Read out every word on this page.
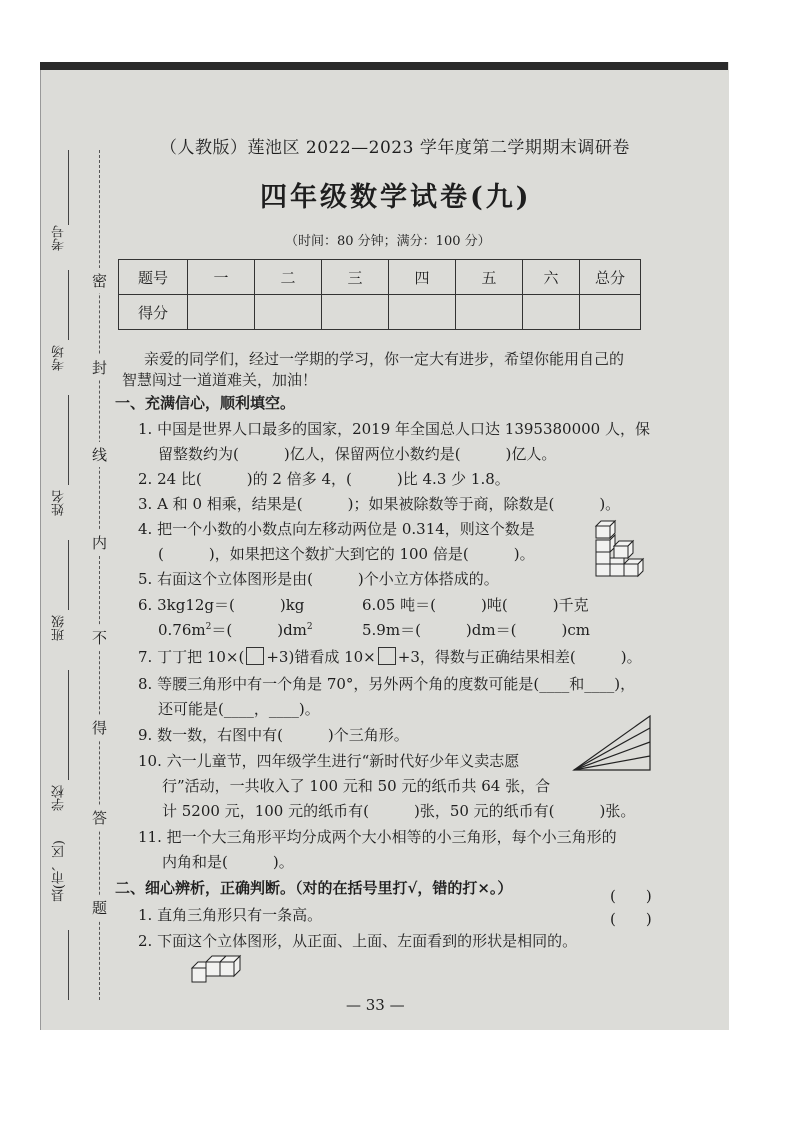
考号
考场
姓名
班级
学校
县(市、区)
密
封
线
内
不
得
答
题
（人教版）莲池区 2022—2023 学年度第二学期期末调研卷
四年级数学试卷(九)
（时间：80 分钟；满分：100 分）
题号	一	二	三	四	五	六	总分
得分							
亲爱的同学们，经过一学期的学习，你一定大有进步，希望你能用自己的
智慧闯过一道道难关，加油！
一、充满信心，顺利填空。
1. 中国是世界人口最多的国家，2019 年全国总人口达 1395380000 人，保
留整数约为(　　　)亿人，保留两位小数约是(　　　)亿人。
2. 24 比(　　　)的 2 倍多 4，(　　　)比 4.3 少 1.8。
3. A 和 0 相乘，结果是(　　　)；如果被除数等于商，除数是(　　　)。
4. 把一个小数的小数点向左移动两位是 0.314，则这个数是
(　　　)，如果把这个数扩大到它的 100 倍是(　　　)。
5. 右面这个立体图形是由(　　　)个小立方体搭成的。
6. 3kg12g＝(　　　)kg	6.05 吨＝(　　　)吨(　　　)千克
$0.76m^2=$(　　　)$dm^2$	5.9m＝(　　　)dm＝(　　　)cm
7. 丁丁把 10×( +3)错看成 10× +3，得数与正确结果相差(　　　)。
8. 等腰三角形中有一个角是 70°，另外两个角的度数可能是(____和____)，
还可能是(____，____)。
9. 数一数，右图中有(　　　)个三角形。
10. 六一儿童节，四年级学生进行“新时代好少年义卖志愿
行”活动，一共收入了 100 元和 50 元的纸币共 64 张，合
计 5200 元，100 元的纸币有(　　　)张，50 元的纸币有(　　　)张。
11. 把一个大三角形平均分成两个大小相等的小三角形，每个小三角形的
内角和是(　　　)。
二、细心辨析，正确判断。（对的在括号里打√，错的打×。）	(　　)
1. 直角三角形只有一条高。	(　　)
2. 下面这个立体图形，从正面、上面、左面看到的形状是相同的。
— 33 —
